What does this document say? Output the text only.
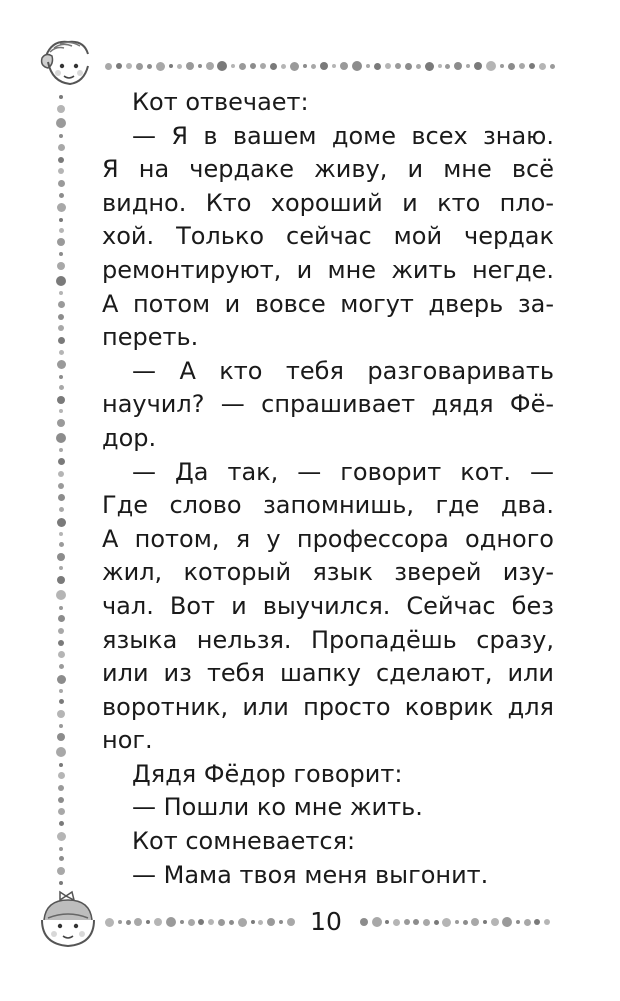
Кот отвечает:
— Я в вашем доме всех знаю.
Я на чердаке живу, и мне всё
видно. Кто хороший и кто пло-
хой. Только сейчас мой чердак
ремонтируют, и мне жить негде.
А потом и вовсе могут дверь за-
переть.
— А кто тебя разговаривать
научил? — спрашивает дядя Фё-
дор.
— Да так, — говорит кот. —
Где слово запомнишь, где два.
А потом, я у профессора одного
жил, который язык зверей изу-
чал. Вот и выучился. Сейчас без
языка нельзя. Пропадёшь сразу,
или из тебя шапку сделают, или
воротник, или просто коврик для
ног.
Дядя Фёдор говорит:
— Пошли ко мне жить.
Кот сомневается:
— Мама твоя меня выгонит.
10
